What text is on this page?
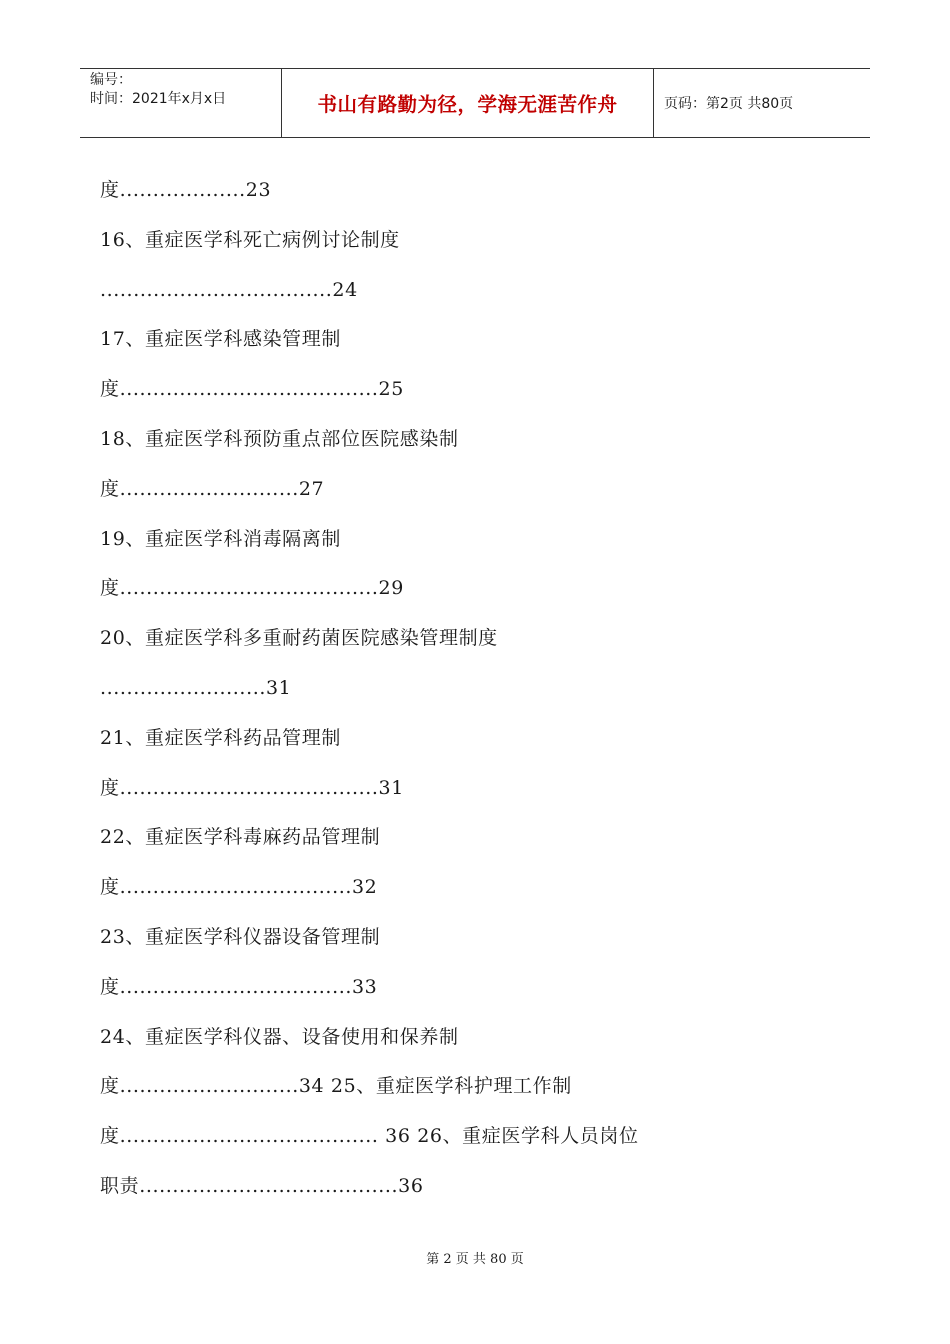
编号：
时间：2021年x月x日	书山有路勤为径，学海无涯苦作舟	页码：第2页 共80页
度...................23
16、重症医学科死亡病例讨论制度
...................................24
17、重症医学科感染管理制
度.......................................25
18、重症医学科预防重点部位医院感染制
度...........................27
19、重症医学科消毒隔离制
度.......................................29
20、重症医学科多重耐药菌医院感染管理制度
.........................31
21、重症医学科药品管理制
度.......................................31
22、重症医学科毒麻药品管理制
度...................................32
23、重症医学科仪器设备管理制
度...................................33
24、重症医学科仪器、设备使用和保养制
度...........................34 25、重症医学科护理工作制
度....................................... 36 26、重症医学科人员岗位
职责.......................................36
第 2 页 共 80 页
